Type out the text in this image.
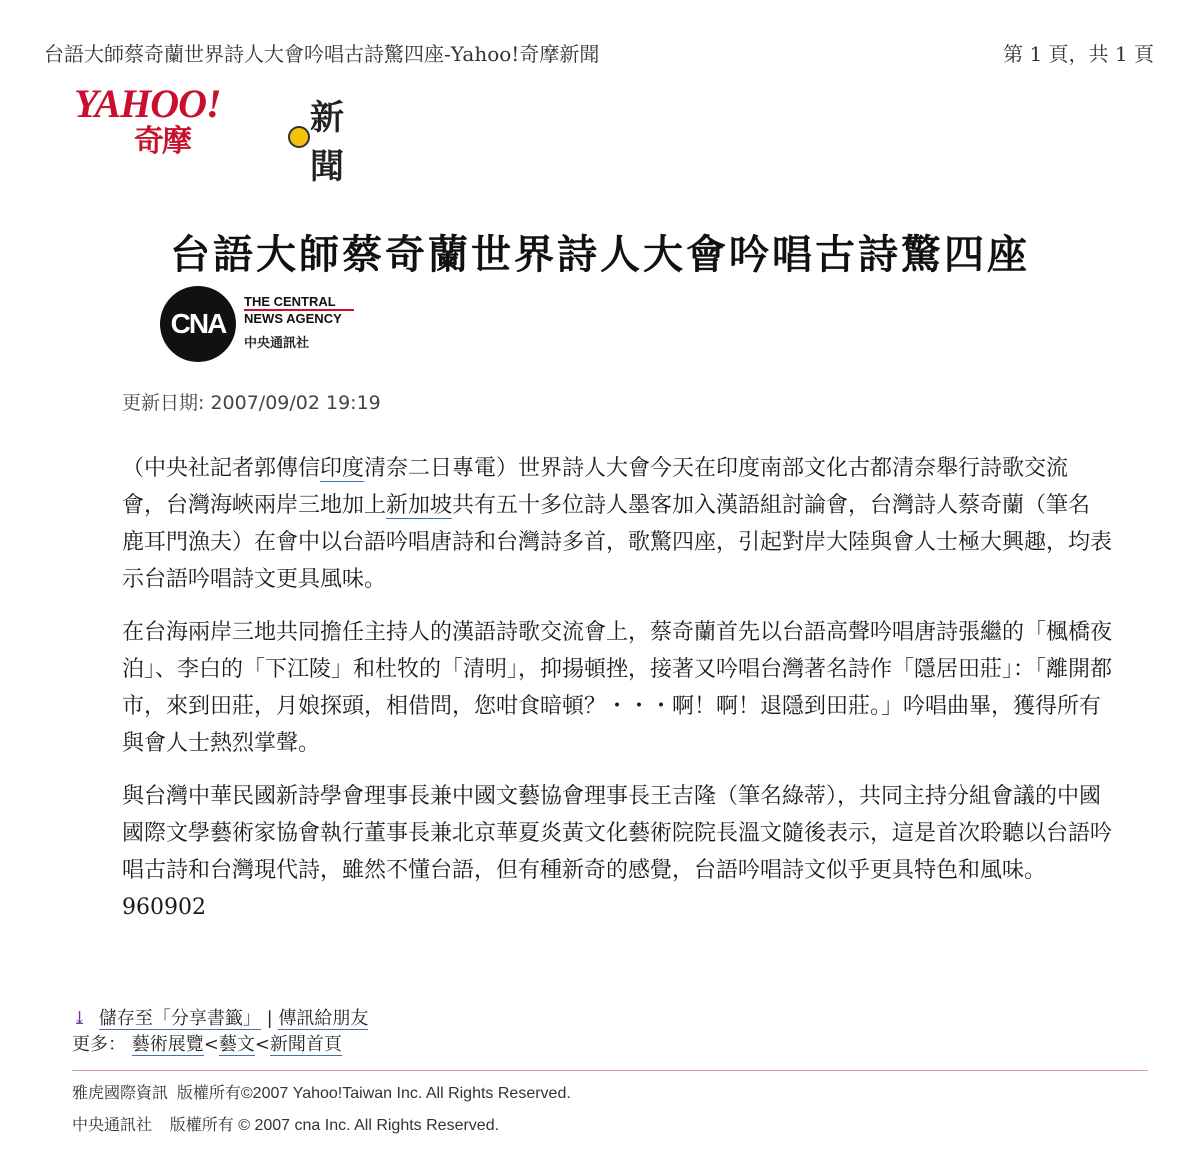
台語大師蔡奇蘭世界詩人大會吟唱古詩驚四座-Yahoo!奇摩新聞	第 1 頁，共 1 頁
YAHOO!
奇摩
新聞
台語大師蔡奇蘭世界詩人大會吟唱古詩驚四座
CNA
THE CENTRAL
NEWS AGENCY
中央通訊社
更新日期: 2007/09/02 19:19

（中央社記者郭傳信印度清奈二日專電）世界詩人大會今天在印度南部文化古都清奈舉行詩歌交流會，台灣海峽兩岸三地加上新加坡共有五十多位詩人墨客加入漢語組討論會，台灣詩人蔡奇蘭（筆名鹿耳門漁夫）在會中以台語吟唱唐詩和台灣詩多首，歌驚四座，引起對岸大陸與會人士極大興趣，均表示台語吟唱詩文更具風味。

在台海兩岸三地共同擔任主持人的漢語詩歌交流會上，蔡奇蘭首先以台語高聲吟唱唐詩張繼的「楓橋夜泊」、李白的「下江陵」和杜牧的「清明」，抑揚頓挫，接著又吟唱台灣著名詩作「隱居田莊」：「離開都市，來到田莊，月娘探頭，相借問，您咁食暗頓？・・・啊！啊！退隱到田莊。」吟唱曲畢，獲得所有與會人士熱烈掌聲。

與台灣中華民國新詩學會理事長兼中國文藝協會理事長王吉隆（筆名綠蒂），共同主持分組會議的中國國際文學藝術家協會執行董事長兼北京華夏炎黃文化藝術院院長溫文隨後表示，這是首次聆聽以台語吟唱古詩和台灣現代詩，雖然不懂台語，但有種新奇的感覺，台語吟唱詩文似乎更具特色和風味。960902

⤓ 儲存至「分享書籤」 | 傳訊給朋友
更多： 藝術展覽<藝文<新聞首頁
雅虎國際資訊  版權所有©2007 Yahoo!Taiwan Inc. All Rights Reserved.
中央通訊社    版權所有 © 2007 cna Inc. All Rights Reserved.
